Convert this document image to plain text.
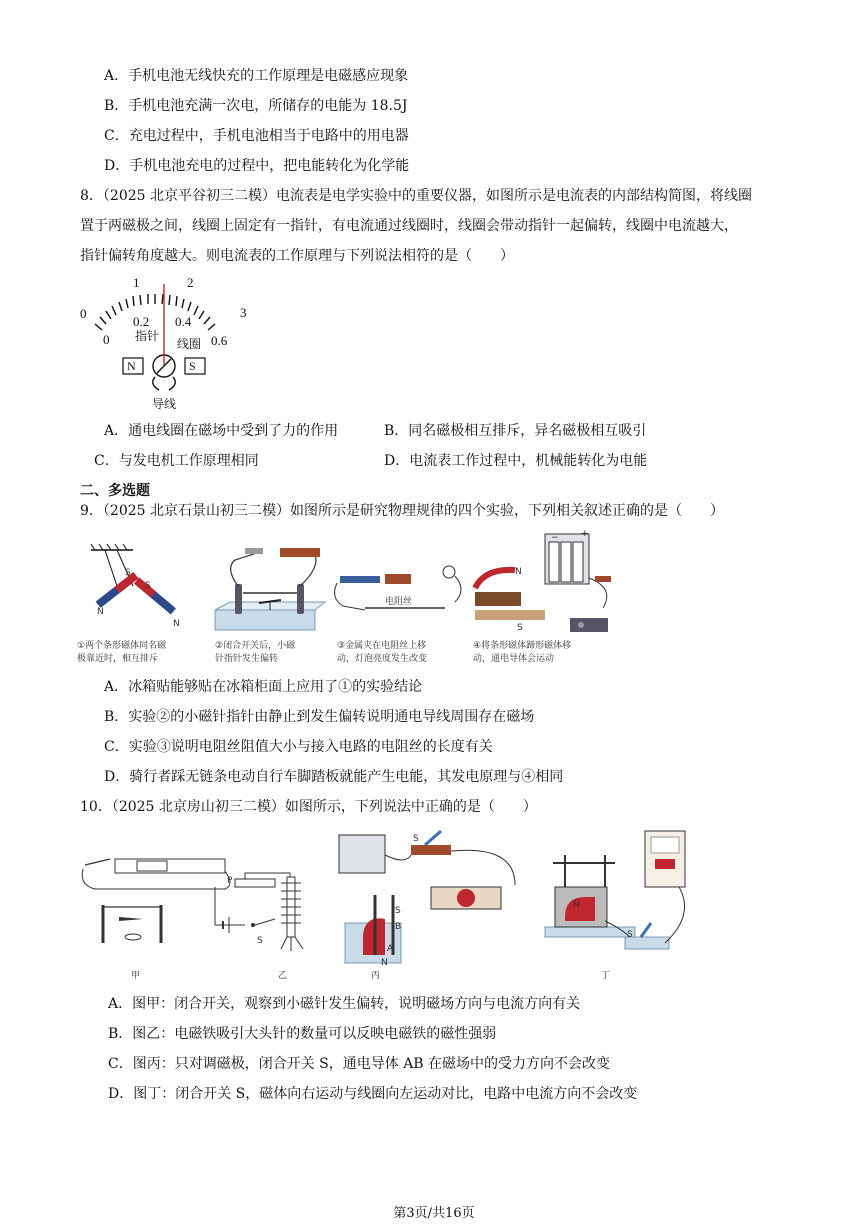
A．手机电池无线快充的工作原理是电磁感应现象
B．手机电池充满一次电，所储存的电能为 18.5J
C．充电过程中，手机电池相当于电路中的用电器
D．手机电池充电的过程中，把电能转化为化学能
8．（2025 北京平谷初三二模）电流表是电学实验中的重要仪器，如图所示是电流表的内部结构简图，将线圈
置于两磁极之间，线圈上固定有一指针，有电流通过线圈时，线圈会带动指针一起偏转，线圈中电流越大，
指针偏转角度越大。则电流表的工作原理与下列说法相符的是（　　）
0
1	2
3
0
0.2 0.4
0.6
N	S
指针
线圈
导线
A．通电线圈在磁场中受到了力的作用	B．同名磁极相互排斥，异名磁极相互吸引
C．与发电机工作原理相同	D．电流表工作过程中，机械能转化为电能
二、多选题
9．（2025 北京石景山初三二模）如图所示是研究物理规律的四个实验，下列相关叙述正确的是（　　）
S
S
N
N
电阻丝
− +
N
S
①两个条形磁体同名磁
极靠近时，相互排斥
②闭合开关后，小磁
针指针发生偏转
③金属夹在电阻丝上移
动，灯泡亮度发生改变
④将条形磁体蹄形磁体移
动，通电导体会运动
A．冰箱贴能够贴在冰箱柜面上应用了①的实验结论
B．实验②的小磁针指针由静止到发生偏转说明通电导线周围存在磁场
C．实验③说明电阻丝阻值大小与接入电路的电阻丝的长度有关
D．骑行者踩无链条电动自行车脚踏板就能产生电能，其发电原理与④相同
10．（2025 北京房山初三二模）如图所示，下列说法中正确的是（　　）
甲
P
S
乙
S
S
B
A
N
丙
N
S
丁
A．图甲：闭合开关，观察到小磁针发生偏转，说明磁场方向与电流方向有关
B．图乙：电磁铁吸引大头针的数量可以反映电磁铁的磁性强弱
C．图丙：只对调磁极，闭合开关 S，通电导体 AB 在磁场中的受力方向不会改变
D．图丁：闭合开关 S，磁体向右运动与线圈向左运动对比，电路中电流方向不会改变
第3页/共16页
